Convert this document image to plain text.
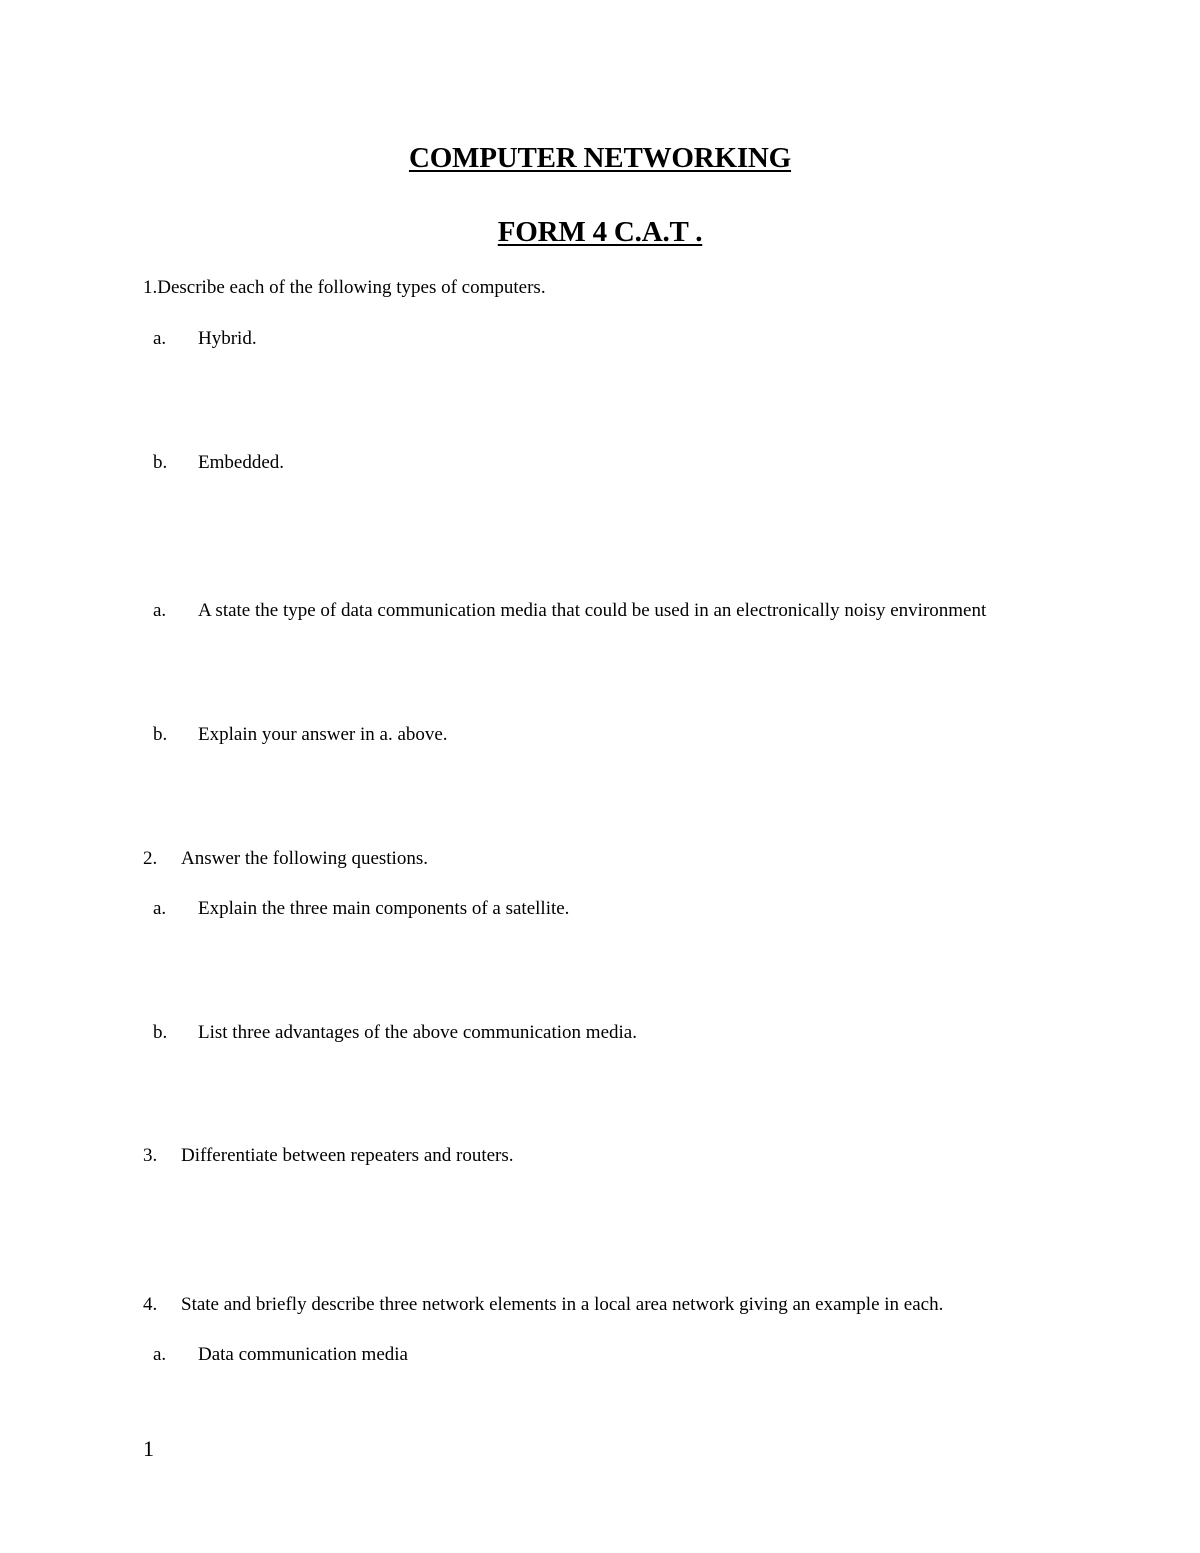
COMPUTER NETWORKING
FORM 4 C.A.T .
1.Describe each of the following types of computers.
a. Hybrid.
b. Embedded.
a. A state the type of data communication media that could be used in an electronically noisy environment
b. Explain your answer in a. above.
2. Answer the following questions.
a. Explain the three main components of a satellite.
b. List three advantages of the above communication media.
3. Differentiate between repeaters and routers.
4. State and briefly describe three network elements in a local area network giving an example in each.
a. Data communication media
1
